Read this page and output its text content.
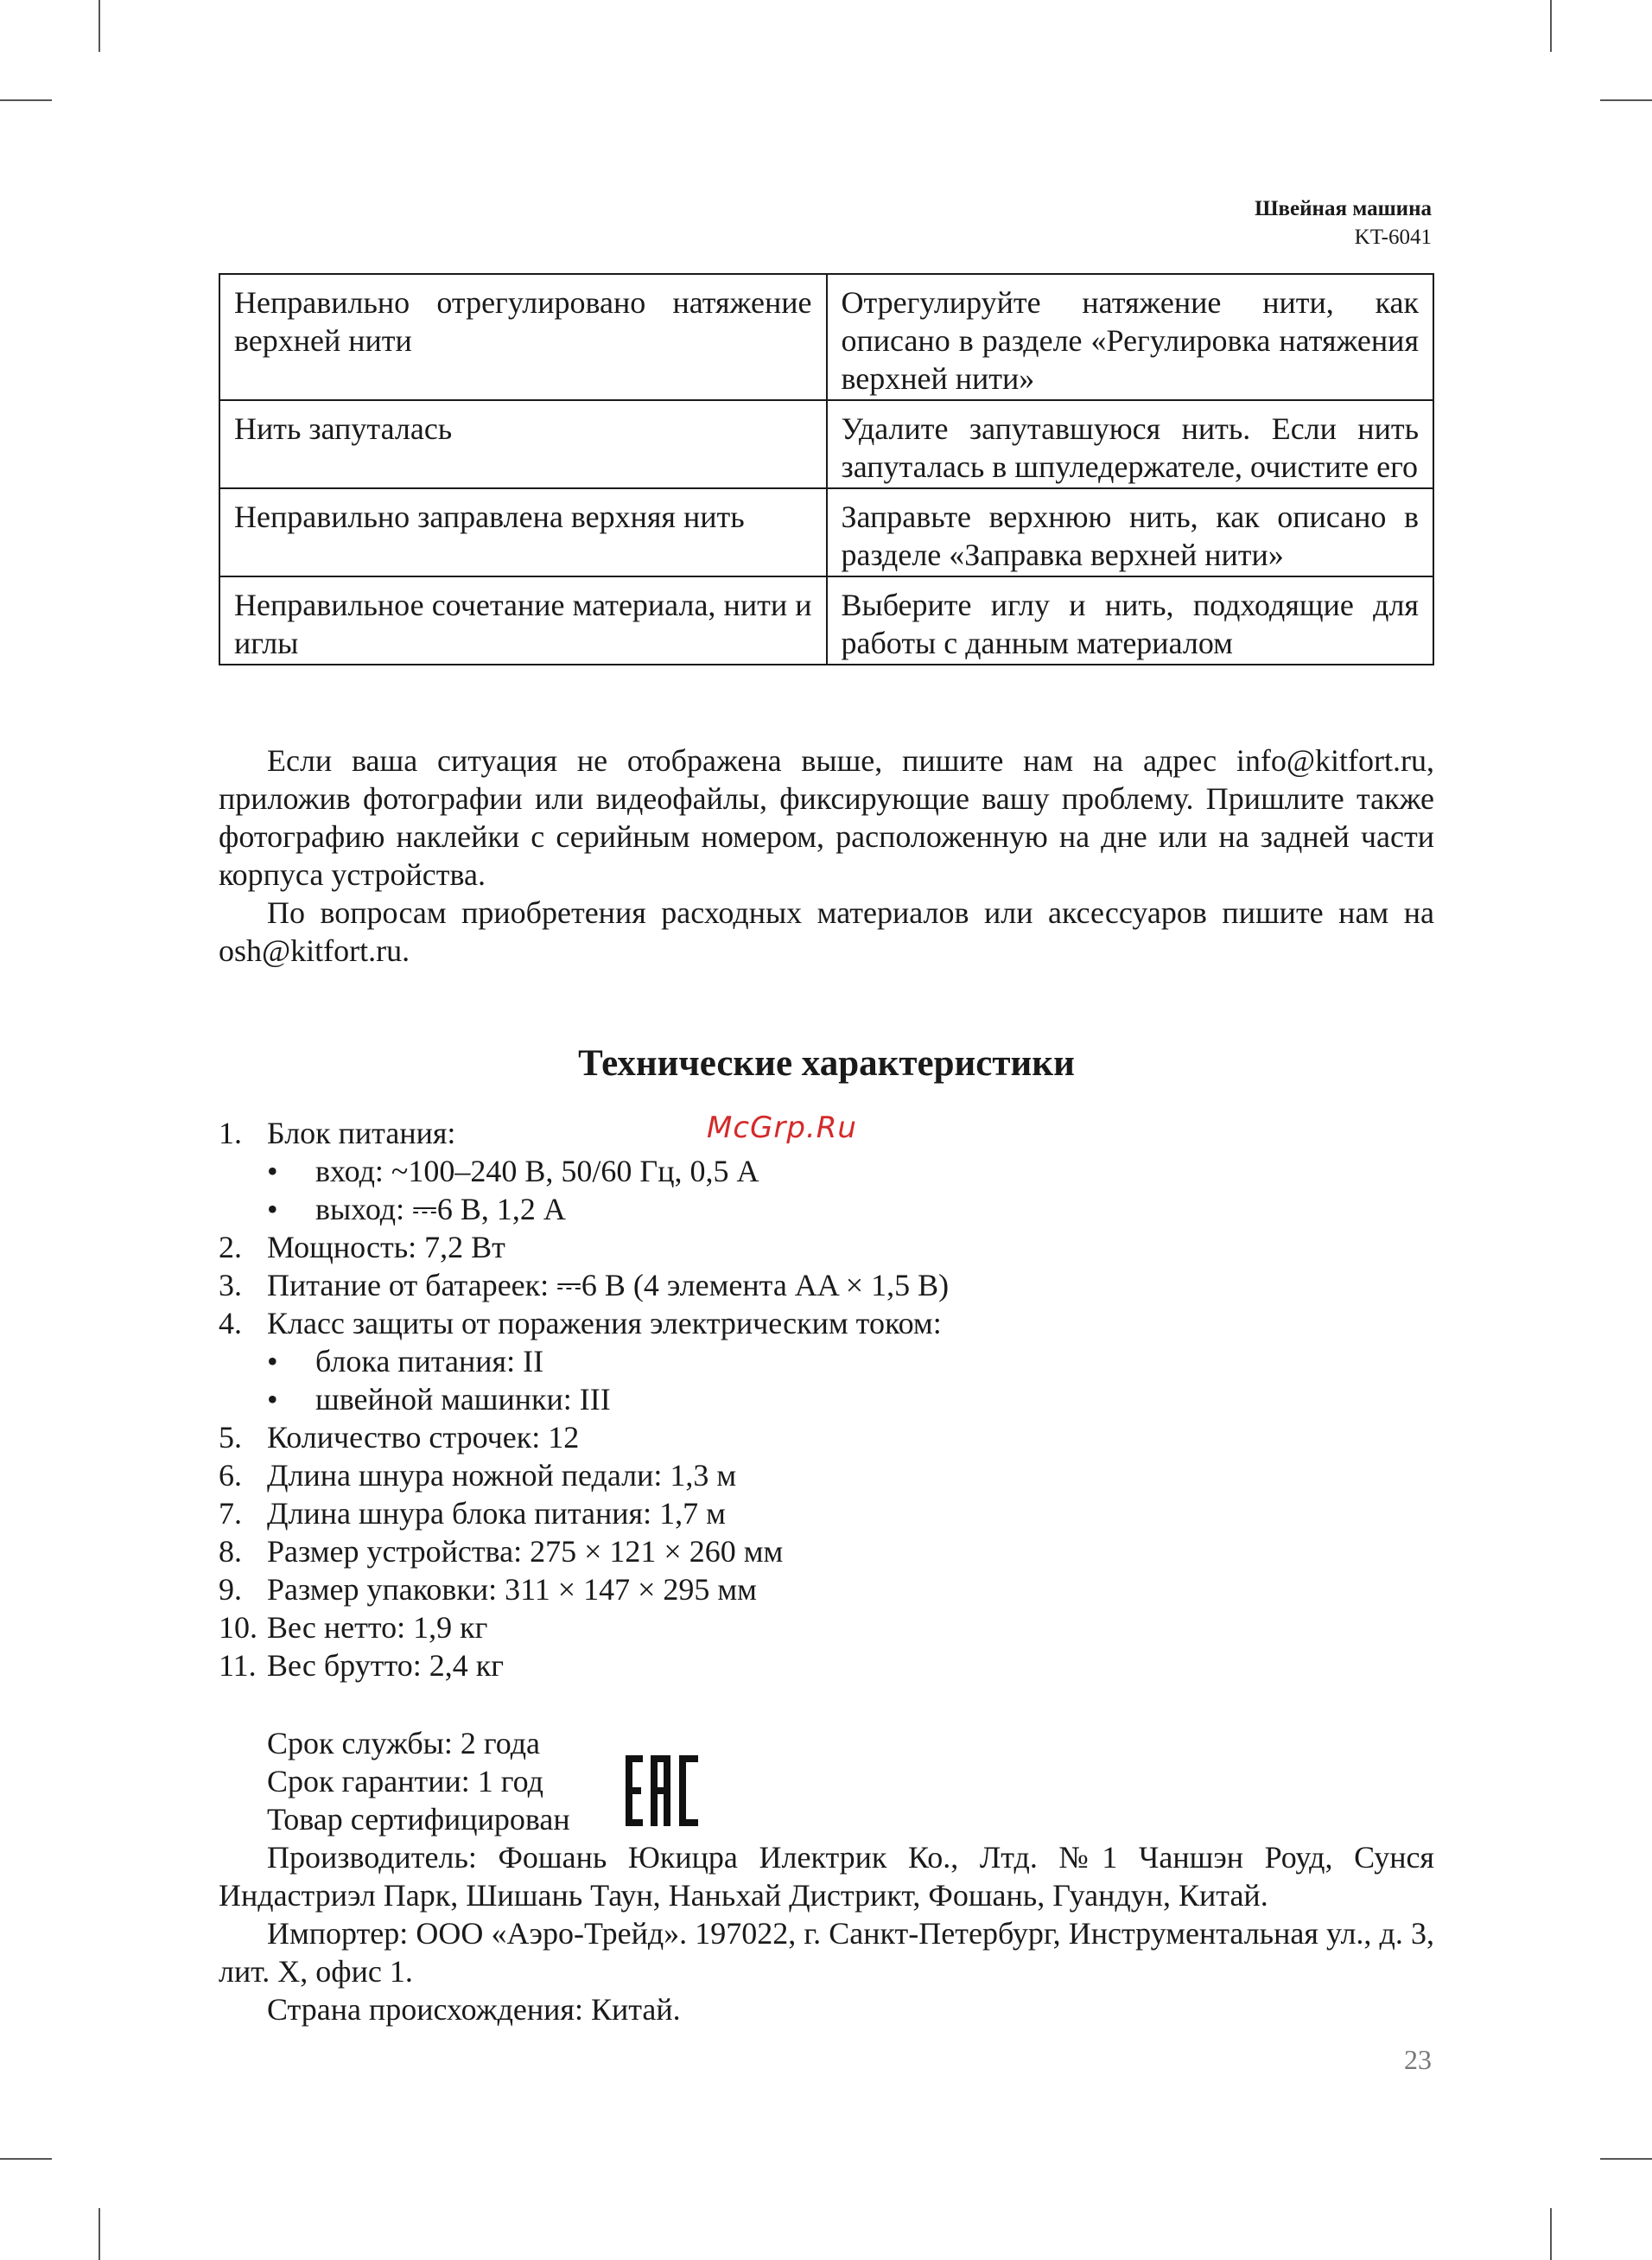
Швейная машина
KT-6041
Неправильно отрегулировано натяжение верхней нити	Отрегулируйте натяжение нити, как описано в разделе «Регулировка натяжения верхней нити»
Нить запуталась	Удалите запутавшуюся нить. Если нить запуталась в шпуледержателе, очистите его
Неправильно заправлена верхняя нить	Заправьте верхнюю нить, как описано в разделе «Заправка верхней нити»
Неправильное сочетание материала, нити и иглы	Выберите иглу и нить, подходящие для работы с данным материалом

Если ваша ситуация не отображена выше, пишите нам на адрес info@kitfort.ru, приложив фотографии или видеофайлы, фиксирующие вашу проблему. Пришлите также фотографию наклейки с серийным номером, расположенную на дне или на задней части корпуса устройства.

По вопросам приобретения расходных материалов или аксессуаров пишите нам на osh@kitfort.ru.

Технические характеристики
McGrp.Ru
1. Блок питания:
• вход: ~100–240 В, 50/60 Гц, 0,5 А
• выход: ⎓6 В, 1,2 А
2. Мощность: 7,2 Вт
3. Питание от батареек: ⎓6 В (4 элемента AA × 1,5 В)
4. Класс защиты от поражения электрическим током:
• блока питания: II
• швейной машинки: III
5. Количество строчек: 12
6. Длина шнура ножной педали: 1,3 м
7. Длина шнура блока питания: 1,7 м
8. Размер устройства: 275 × 121 × 260 мм
9. Размер упаковки: 311 × 147 × 295 мм
10. Вес нетто: 1,9 кг
11. Вес брутто: 2,4 кг
Срок службы: 2 года
Срок гарантии: 1 год
Товар сертифицирован

Производитель: Фошань Юкицра Илектрик Ко., Лтд. №1 Чаншэн Роуд, Сунся Индастриэл Парк, Шишань Таун, Наньхай Дистрикт, Фошань, Гуандун, Китай.

Импортер: ООО «Аэро-Трейд». 197022, г. Санкт-Петербург, Инструментальная ул., д. 3, лит. Х, офис 1.

Страна происхождения: Китай.

23
